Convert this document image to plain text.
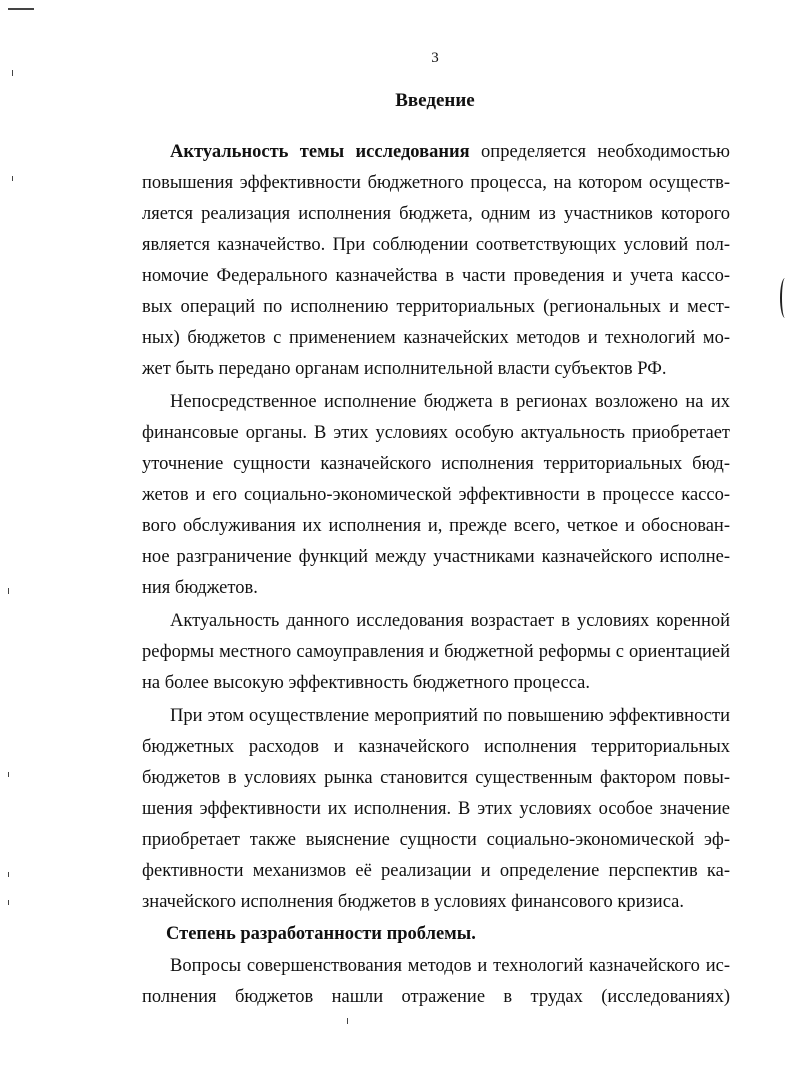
3
Введение
Актуальность темы исследования определяется необходимостью
повышения эффективности бюджетного процесса, на котором осуществ-
ляется реализация исполнения бюджета, одним из участников которого
является казначейство. При соблюдении соответствующих условий пол-
номочие Федерального казначейства в части проведения и учета кассо-
вых операций по исполнению территориальных (региональных и мест-
ных) бюджетов с применением казначейских методов и технологий мо-
жет быть передано органам исполнительной власти субъектов РФ.
Непосредственное исполнение бюджета в регионах возложено на их
финансовые органы. В этих условиях особую актуальность приобретает
уточнение сущности казначейского исполнения территориальных бюд-
жетов и его социально-экономической эффективности в процессе кассо-
вого обслуживания их исполнения и, прежде всего, четкое и обоснован-
ное разграничение функций между участниками казначейского исполне-
ния бюджетов.
Актуальность данного исследования возрастает в условиях коренной
реформы местного самоуправления и бюджетной реформы с ориентацией
на более высокую эффективность бюджетного процесса.
При этом осуществление мероприятий по повышению эффективности
бюджетных расходов и казначейского исполнения территориальных
бюджетов в условиях рынка становится существенным фактором повы-
шения эффективности их исполнения. В этих условиях особое значение
приобретает также выяснение сущности социально-экономической эф-
фективности механизмов её реализации и определение перспектив ка-
значейского исполнения бюджетов в условиях финансового кризиса.
Степень разработанности проблемы.
Вопросы совершенствования методов и технологий казначейского ис-
полнения бюджетов нашли отражение в трудах (исследованиях)
